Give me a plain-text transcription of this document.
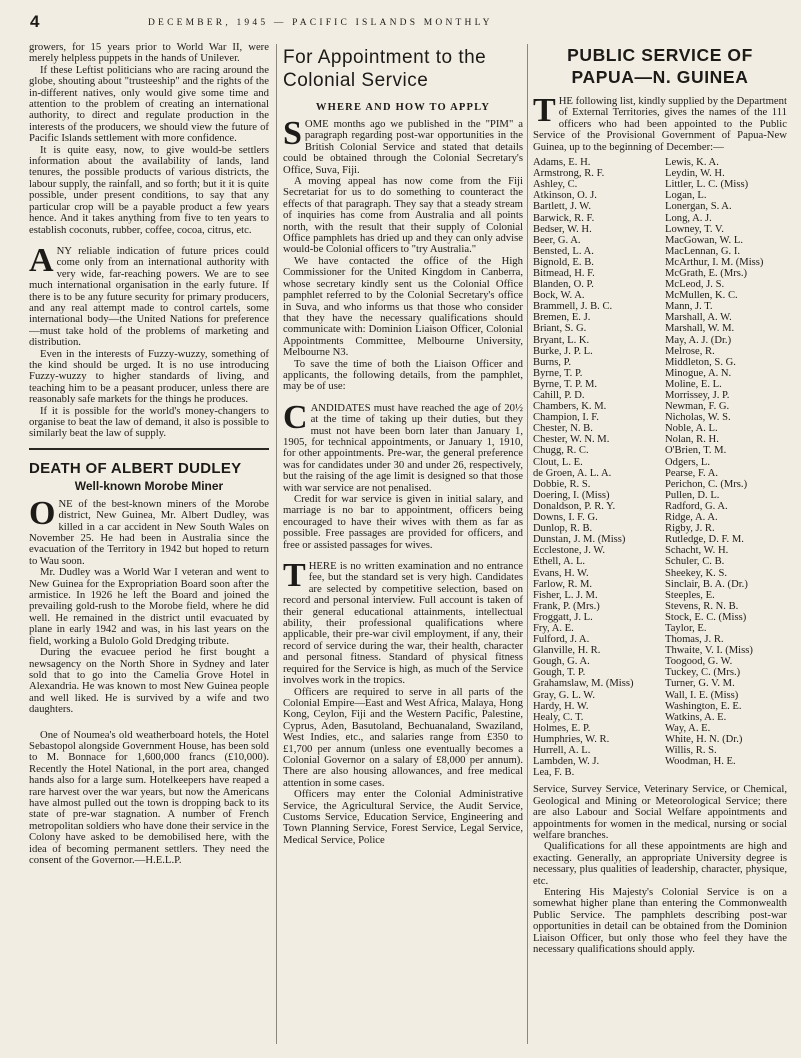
4	DECEMBER, 1945 — PACIFIC ISLANDS MONTHLY

growers, for 15 years prior to World War II, were merely helpless puppets in the hands of Unilever.

If these Leftist politicians who are racing around the globe, shouting about "trusteeship" and the rights of the in-different natives, only would give some time and attention to the problem of creating an international authority, to direct and regulate production in the interests of the producers, we should view the future of Pacific Islands settlement with more confidence.

It is quite easy, now, to give would-be settlers information about the availability of lands, land tenures, the possible products of various districts, the labour supply, the rainfall, and so forth; but it it is quite possible, under present conditions, to say that any particular crop will be a payable product a few years hence. And it takes anything from five to ten years to establish coconuts, rubber, coffee, cocoa, citrus, etc.

ANY reliable indication of future prices could come only from an international authority with very wide, far-reaching powers. We are to see much international organisation in the early future. If there is to be any future security for primary producers, and any real attempt made to control cartels, some international body—the United Nations for preference—must take hold of the problems of marketing and distribution.

Even in the interests of Fuzzy-wuzzy, something of the kind should be urged. It is no use introducing Fuzzy-wuzzy to higher standards of living, and teaching him to be a peasant producer, unless there are reasonably safe markets for the things he produces.

If it is possible for the world's money-changers to organise to beat the law of demand, it also is possible to similarly beat the law of supply.

DEATH OF ALBERT DUDLEY
Well-known Morobe Miner

ONE of the best-known miners of the Morobe district, New Guinea, Mr. Albert Dudley, was killed in a car accident in New South Wales on November 25. He had been in Australia since the evacuation of the Territory in 1942 but hoped to return to Wau soon.

Mr. Dudley was a World War I veteran and went to New Guinea for the Expropriation Board soon after the armistice. In 1926 he left the Board and joined the prevailing gold-rush to the Morobe field, where he did well. He remained in the district until evacuated by plane in early 1942 and was, in his last years on the field, working a Bulolo Gold Dredging tribute.

During the evacuee period he first bought a newsagency on the North Shore in Sydney and later sold that to go into the Camelia Grove Hotel in Alexandria. He was known to most New Guinea people and well liked. He is survived by a wife and two daughters.

One of Noumea's old weatherboard hotels, the Hotel Sebastopol alongside Government House, has been sold to M. Bonnace for 1,600,000 francs (£10,000). Recently the Hotel National, in the port area, changed hands also for a large sum. Hotelkeepers have reaped a rare harvest over the war years, but now the Americans have almost pulled out the town is dropping back to its state of pre-war stagnation. A number of French metropolitan soldiers who have done their service in the Colony have asked to be demobilised here, with the idea of becoming permanent settlers. They need the consent of the Governor.—H.E.L.P.

For Appointment to the Colonial Service
WHERE AND HOW TO APPLY

SOME months ago we published in the "PIM" a paragraph regarding post-war opportunities in the British Colonial Service and stated that details could be obtained through the Colonial Secretary's Office, Suva, Fiji.

A moving appeal has now come from the Fiji Secretariat for us to do something to counteract the effects of that paragraph. They say that a steady stream of inquiries has come from Australia and all points north, with the result that their supply of Colonial Office pamphlets has dried up and they can only advise would-be Colonial officers to "try Australia."

We have contacted the office of the High Commissioner for the United Kingdom in Canberra, whose secretary kindly sent us the Colonial Office pamphlet referred to by the Colonial Secretary's office in Suva, and who informs us that those who consider that they have the necessary qualifications should communicate with: Dominion Liaison Officer, Colonial Appointments Committee, Melbourne University, Melbourne N3.

To save the time of both the Liaison Officer and applicants, the following details, from the pamphlet, may be of use:

CANDIDATES must have reached the age of 20½ at the time of taking up their duties, but they must not have been born later than January 1, 1905, for technical appointments, or January 1, 1910, for other appointments. Pre-war, the general preference was for candidates under 30 and under 26, respectively, but the raising of the age limit is designed so that those with war service are not penalised.

Credit for war service is given in initial salary, and marriage is no bar to appointment, officers being encouraged to have their wives with them as far as possible. Free passages are provided for officers, and free or assisted passages for wives.

THERE is no written examination and no entrance fee, but the standard set is very high. Candidates are selected by competitive selection, based on record and personal interview. Full account is taken of their general educational attainments, intellectual ability, their professional qualifications where applicable, their pre-war civil employment, if any, their record of service during the war, their health, character and personal fitness. Standard of physical fitness required for the Service is high, as much of the Service involves work in the tropics.

Officers are required to serve in all parts of the Colonial Empire—East and West Africa, Malaya, Hong Kong, Ceylon, Fiji and the Western Pacific, Palestine, Cyprus, Aden, Basutoland, Bechuanaland, Swaziland, West Indies, etc., and salaries range from £350 to £1,700 per annum (unless one eventually becomes a Colonial Governor on a salary of £8,000 per annum). There are also housing allowances, and free medical attention in some cases.

Officers may enter the Colonial Administrative Service, the Agricultural Service, the Audit Service, Customs Service, Education Service, Engineering and Town Planning Service, Forest Service, Legal Service, Medical Service, Police

PUBLIC SERVICE OF PAPUA—N. GUINEA

THE following list, kindly supplied by the Department of External Territories, gives the names of the 111 officers who had been appointed to the Public Service of the Provisional Government of Papua-New Guinea, up to the beginning of December:—

Adams, E. H.
Armstrong, R. F.
Ashley, C.
Atkinson, O. J.
Bartlett, J. W.
Barwick, R. F.
Bedser, W. H.
Beer, G. A.
Bensted, L. A.
Bignold, E. B.
Bitmead, H. F.
Blanden, O. P.
Bock, W. A.
Brammell, J. B. C.
Bremen, E. J.
Briant, S. G.
Bryant, L. K.
Burke, J. P. L.
Burns, P.
Byrne, T. P.
Byrne, T. P. M.
Cahill, P. D.
Chambers, K. M.
Champion, I. F.
Chester, N. B.
Chester, W. N. M.
Chugg, R. C.
Clout, L. E.
de Groen, A. L. A.
Dobbie, R. S.
Doering, I. (Miss)
Donaldson, P. R. Y.
Downs, I. F. G.
Dunlop, R. B.
Dunstan, J. M. (Miss)
Ecclestone, J. W.
Ethell, A. L.
Evans, H. W.
Farlow, R. M.
Fisher, L. J. M.
Frank, P. (Mrs.)
Froggatt, J. L.
Fry, A. E.
Fulford, J. A.
Glanville, H. R.
Gough, G. A.
Gough, T. P.
Grahamslaw, M. (Miss)
Gray, G. L. W.
Hardy, H. W.
Healy, C. T.
Holmes, E. P.
Humphries, W. R.
Hurrell, A. L.
Lambden, W. J.
Lea, F. B.
Lewis, K. A.
Leydin, W. H.
Littler, L. C. (Miss)
Logan, L.
Lonergan, S. A.
Long, A. J.
Lowney, T. V.
MacGowan, W. L.
MacLennan, G. I.
McArthur, I. M. (Miss)
McGrath, E. (Mrs.)
McLeod, J. S.
McMullen, K. C.
Mann, J. T.
Marshall, A. W.
Marshall, W. M.
May, A. J. (Dr.)
Melrose, R.
Middleton, S. G.
Minogue, A. N.
Moline, E. L.
Morrissey, J. P.
Newman, F. G.
Nicholas, W. S.
Noble, A. L.
Nolan, R. H.
O'Brien, T. M.
Odgers, L.
Pearse, F. A.
Perichon, C. (Mrs.)
Pullen, D. L.
Radford, G. A.
Ridge, A. A.
Rigby, J. R.
Rutledge, D. F. M.
Schacht, W. H.
Schuler, C. B.
Sheekey, K. S.
Sinclair, B. A. (Dr.)
Steeples, E.
Stevens, R. N. B.
Stock, E. C. (Miss)
Taylor, E.
Thomas, J. R.
Thwaite, V. I. (Miss)
Toogood, G. W.
Tuckey, C. (Mrs.)
Turner, G. V. M.
Wall, I. E. (Miss)
Washington, E. E.
Watkins, A. E.
Way, A. E.
White, H. N. (Dr.)
Willis, R. S.
Woodman, H. E.

Service, Survey Service, Veterinary Service, or Chemical, Geological and Mining or Meteorological Service; there are also Labour and Social Welfare appointments and appointments for women in the medical, nursing or social welfare branches.

Qualifications for all these appointments are high and exacting. Generally, an appropriate University degree is necessary, plus qualities of leadership, character, physique, etc.

Entering His Majesty's Colonial Service is on a somewhat higher plane than entering the Commonwealth Public Service. The pamphlets describing post-war opportunities in detail can be obtained from the Dominion Liaison Officer, but only those who feel they have the necessary qualifications should apply.
